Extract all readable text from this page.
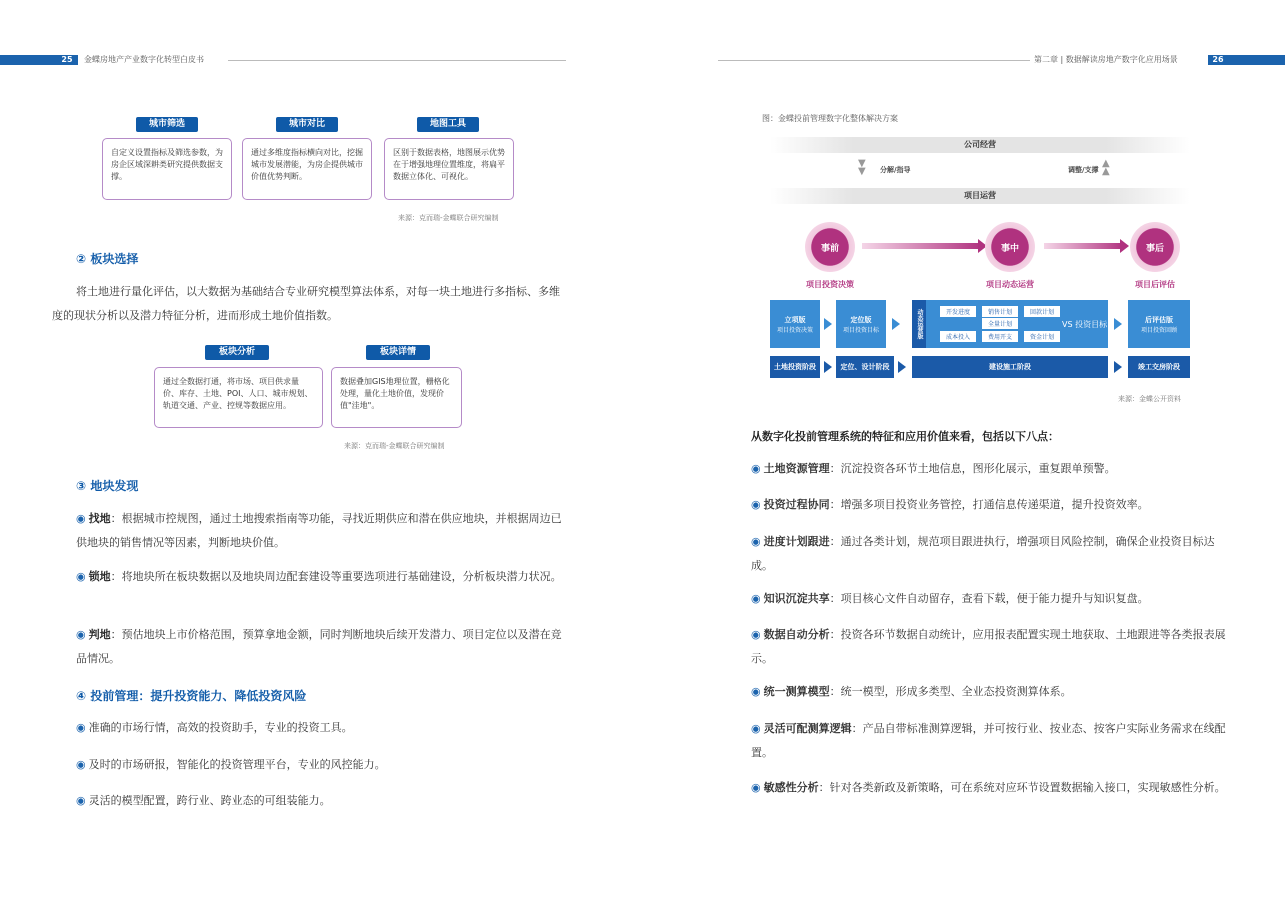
25	金蝶房地产产业数字化转型白皮书	第二章 | 数据解读房地产数字化应用场景	26
城市筛选
自定义设置指标及筛选参数，为房企区域深耕类研究提供数据支撑。
城市对比
通过多维度指标横向对比，挖掘城市发展潜能，为房企提供城市价值优势判断。
地图工具
区别于数据表格，地图展示优势在于增强地理位置维度，将扁平数据立体化、可视化。
来源：克而瑞-金蝶联合研究编制
② 板块选择
将土地进行量化评估，以大数据为基础结合专业研究模型算法体系，对每一块土地进行多指标、多维度的现状分析以及潜力特征分析，进而形成土地价值指数。
板块分析
通过全数据打通，将市场、项目供求量价、库存、土地、POI、人口、城市规划、轨道交通、产业、控规等数据应用。
板块详情
数据叠加GIS地理位置，栅格化处理，量化土地价值，发现价值"洼地"。
来源：克而瑞-金蝶联合研究编制
③ 地块发现
◉ 找地：根据城市控规图，通过土地搜索指南等功能，寻找近期供应和潜在供应地块，并根据周边已供地块的销售情况等因素，判断地块价值。
◉ 锁地：将地块所在板块数据以及地块周边配套建设等重要选项进行基础建设，分析板块潜力状况。
◉ 判地：预估地块上市价格范围，预算拿地金额，同时判断地块后续开发潜力、项目定位以及潜在竞品情况。
④ 投前管理：提升投资能力、降低投资风险
◉ 准确的市场行情，高效的投资助手，专业的投资工具。
◉ 及时的市场研报，智能化的投资管理平台，专业的风控能力。
◉ 灵活的模型配置，跨行业、跨业态的可组装能力。
图：金蝶投前管理数字化整体解决方案
公司经营
▼
▼ 分解/指导	调整/支撑
▲
▲
项目运营
事前	事中	事后
项目投资决策	项目动态运营	项目后评估
立项版
项目投资决策
定位版
项目投资目标	动态运营版	开发进度	销售计划	回款计划
全量计划
成本投入	费用开支	资金计划
VS 投资目标
后评估版
项目投资回顾
土地投资阶段	定位、设计阶段	建设施工阶段	竣工交房阶段
来源：金蝶公开资料
从数字化投前管理系统的特征和应用价值来看，包括以下八点：
◉ 土地资源管理：沉淀投资各环节土地信息，图形化展示，重复跟单预警。
◉ 投资过程协同：增强多项目投资业务管控，打通信息传递渠道，提升投资效率。
◉ 进度计划跟进：通过各类计划，规范项目跟进执行，增强项目风险控制，确保企业投资目标达成。
◉ 知识沉淀共享：项目核心文件自动留存，查看下载，便于能力提升与知识复盘。
◉ 数据自动分析：投资各环节数据自动统计，应用报表配置实现土地获取、土地跟进等各类报表展示。
◉ 统一测算模型：统一模型，形成多类型、全业态投资测算体系。
◉ 灵活可配测算逻辑：产品自带标准测算逻辑，并可按行业、按业态、按客户实际业务需求在线配置。
◉ 敏感性分析：针对各类新政及新策略，可在系统对应环节设置数据输入接口，实现敏感性分析。
